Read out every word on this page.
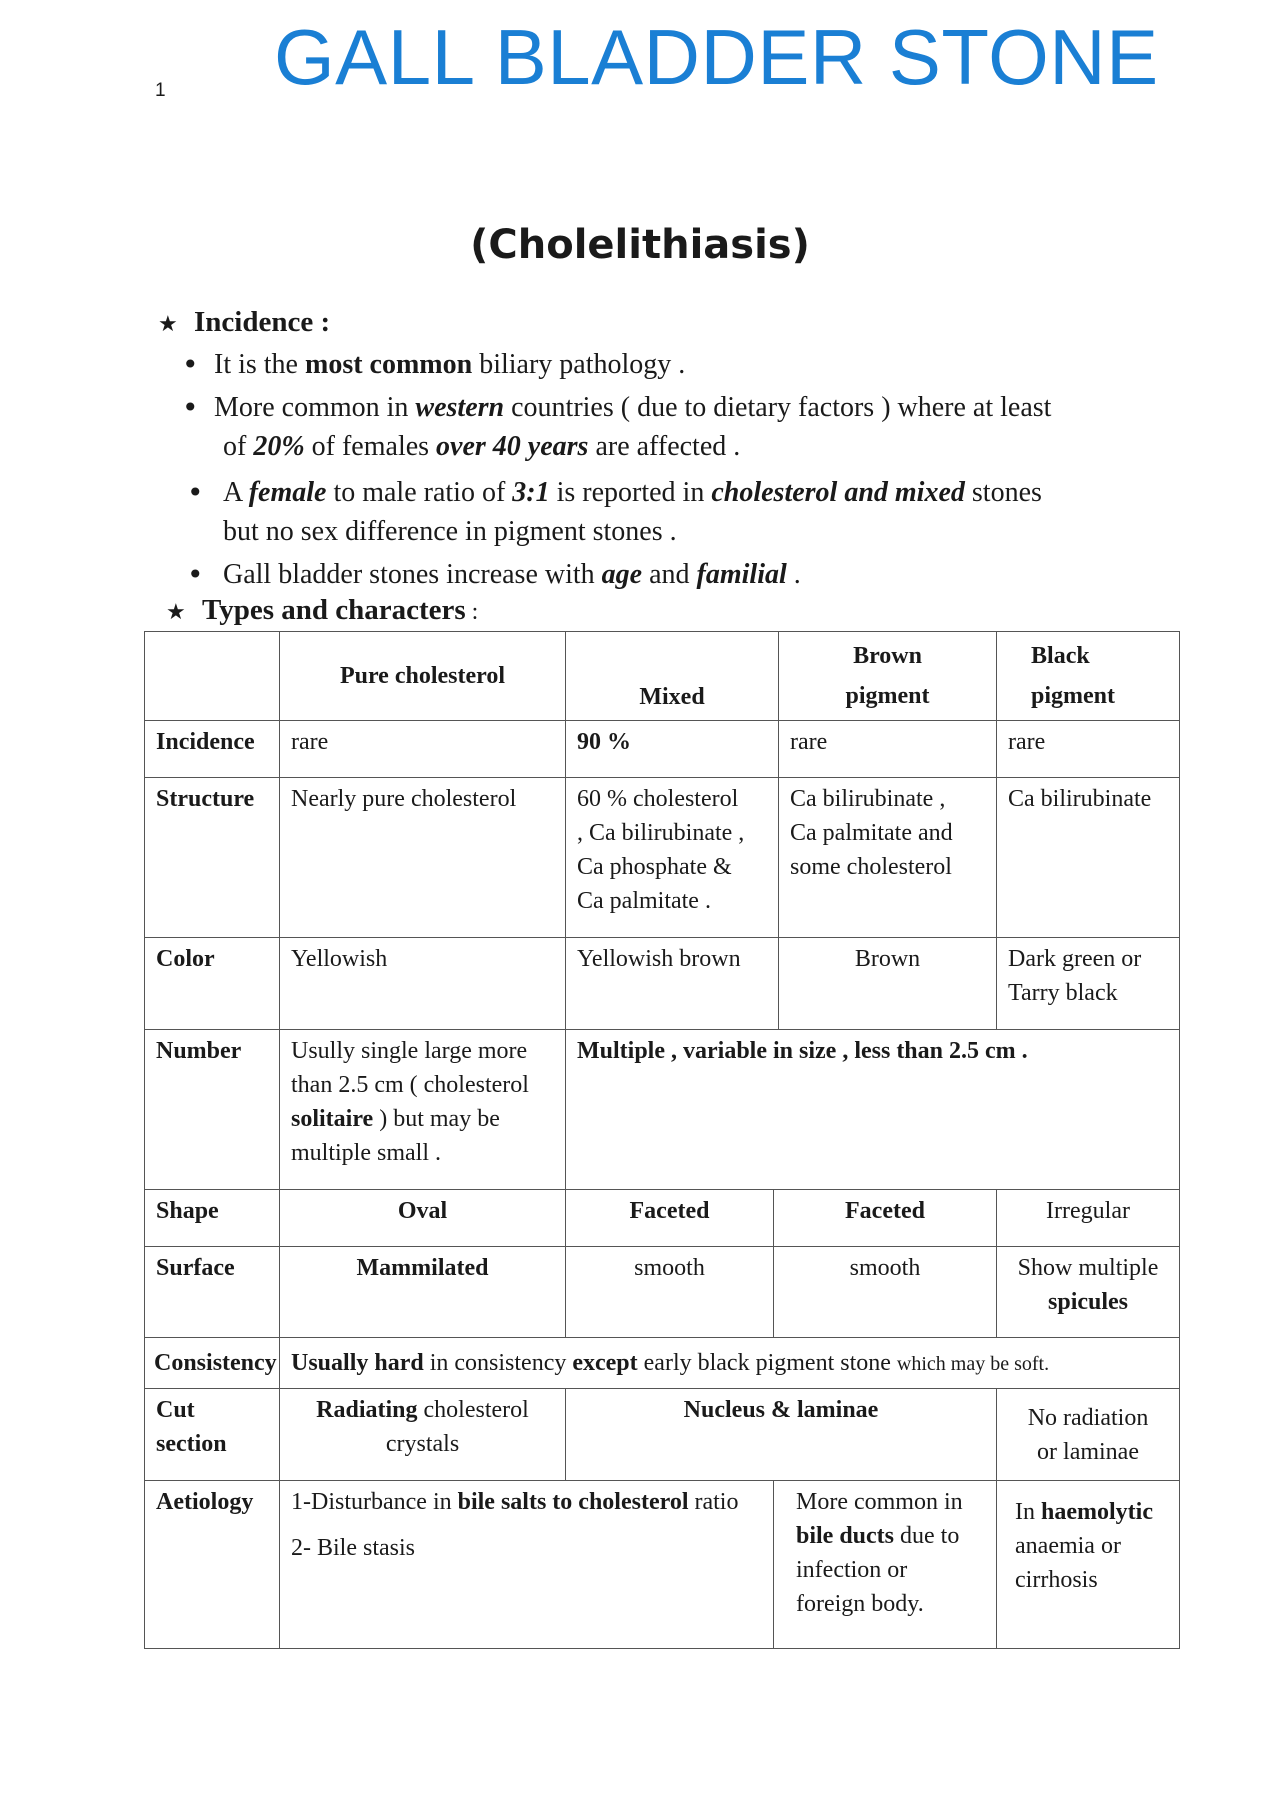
1 GALL BLADDER STONE
(Cholelithiasis)
★ Incidence :
• It is the most common biliary pathology .
• More common in western countries ( due to dietary factors ) where at least
of 20% of females over 40 years are affected .
• A female to male ratio of 3:1 is reported in cholesterol and mixed stones
but no sex difference in pigment stones .
• Gall bladder stones increase with age and familial .
★ Types and characters :
	Pure cholesterol	Mixed		Brown
pigment	Black
pigment
Incidence	rare	90 %		rare	rare
Structure	Nearly pure cholesterol	60 % cholesterol
, Ca bilirubinate ,
Ca phosphate &
Ca palmitate .		Ca bilirubinate ,
Ca palmitate and
some cholesterol	Ca bilirubinate
Color	Yellowish	Yellowish brown		Brown	Dark green or
Tarry black
Number	Usully single large more
than 2.5 cm ( cholesterol
solitaire ) but may be
multiple small .	Multiple , variable in size , less than 2.5 cm .			
Shape	Oval	Faceted	Faceted		Irregular
Surface	Mammilated	smooth	smooth		Show multiple
spicules
Consistency	Usually hard in consistency except early black pigment stone which may be soft.				
Cut
section	Radiating cholesterol
crystals	Nucleus & laminae			No radiation
or laminae
Aetiology	1-Disturbance in bile salts to cholesterol ratio
2- Bile stasis		More common in
bile ducts due to
infection or
foreign body.		In haemolytic
anaemia or
cirrhosis
